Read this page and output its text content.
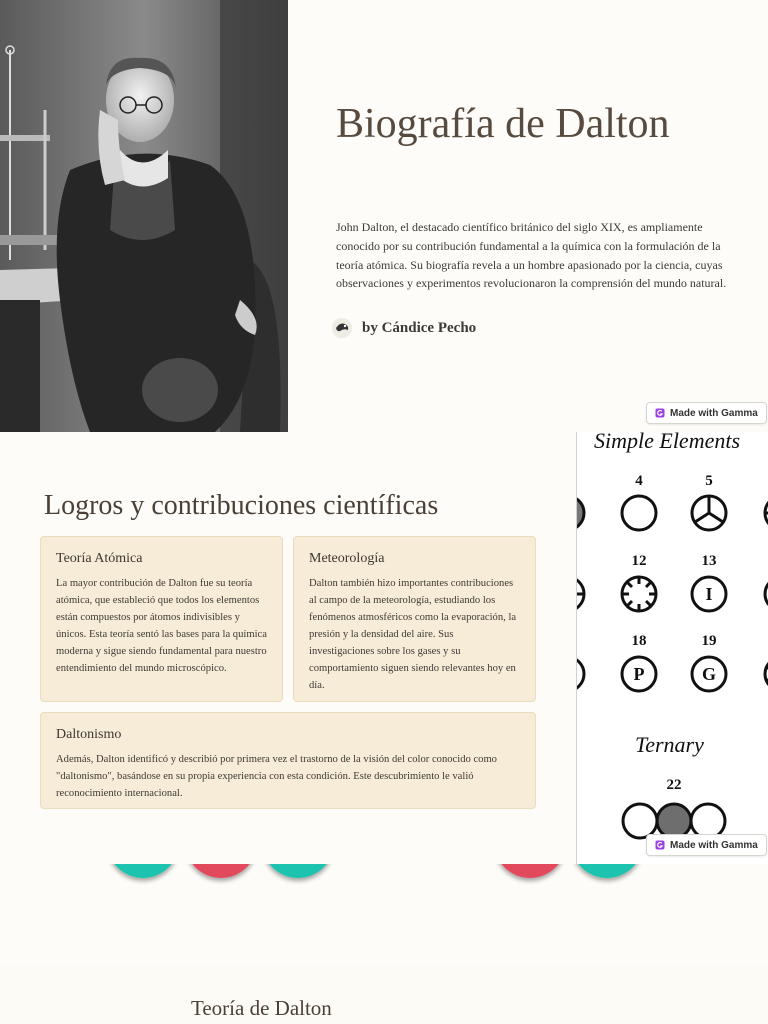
Biografía de Dalton

John Dalton, el destacado científico británico del siglo XIX, es ampliamente conocido por su contribución fundamental a la química con la formulación de la teoría atómica. Su biografía revela a un hombre apasionado por la ciencia, cuyas observaciones y experimentos revolucionaron la comprensión del mundo natural.

by Cándice Pecho
Made with Gamma
Logros y contribuciones científicas
Teoría Atómica
La mayor contribución de Dalton fue su teoría atómica, que estableció que todos los elementos están compuestos por átomos indivisibles y únicos. Esta teoría sentó las bases para la química moderna y sigue siendo fundamental para nuestro entendimiento del mundo microscópico.
Meteorología
Dalton también hizo importantes contribuciones al campo de la meteorología, estudiando los fenómenos atmosféricos como la evaporación, la presión y la densidad del aire. Sus investigaciones sobre los gases y su comportamiento siguen siendo relevantes hoy en día.
Daltonismo
Además, Dalton identificó y describió por primera vez el trastorno de la visión del color conocido como "daltonismo", basándose en su propia experiencia con esta condición. Este descubrimiento le valió reconocimiento internacional.
Simple Elements
4	5
12	13
18	19
22
I
P	G
Ternary
Made with Gamma
Teoría de Dalton
